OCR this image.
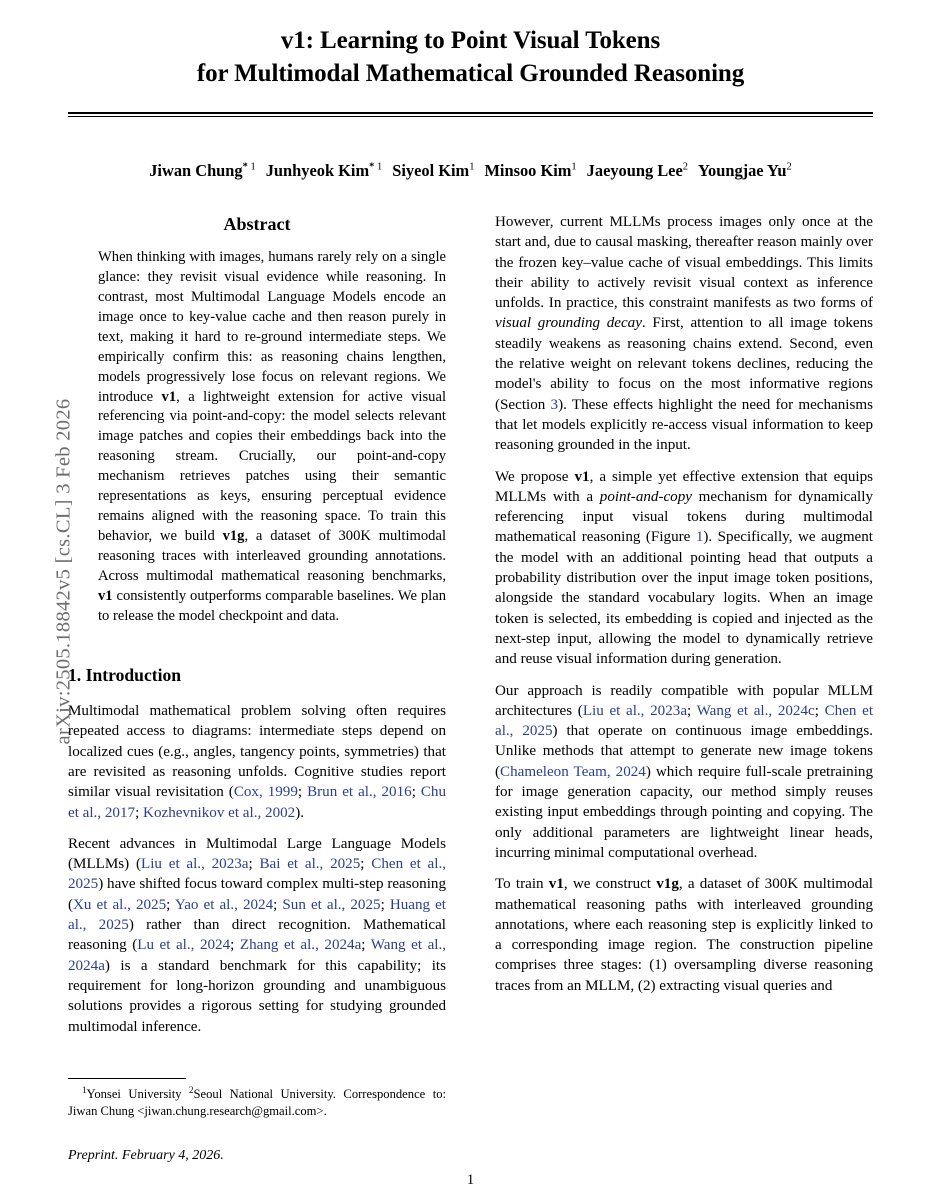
arXiv:2505.18842v5 [cs.CL] 3 Feb 2026
v1: Learning to Point Visual Tokens
for Multimodal Mathematical Grounded Reasoning
Jiwan Chung* $^1$ Junhyeok Kim* $^1$ Siyeol Kim$^1$ Minsoo Kim$^1$ Jaeyoung Lee$^2$ Youngjae Yu$^2$
Abstract

When thinking with images, humans rarely rely on a single glance: they revisit visual evidence while reasoning. In contrast, most Multimodal Language Models encode an image once to key-value cache and then reason purely in text, making it hard to re-ground intermediate steps. We empirically confirm this: as reasoning chains lengthen, models progressively lose focus on relevant regions. We introduce v1, a lightweight extension for active visual referencing via point-and-copy: the model selects relevant image patches and copies their embeddings back into the reasoning stream. Crucially, our point-and-copy mechanism retrieves patches using their semantic representations as keys, ensuring perceptual evidence remains aligned with the reasoning space. To train this behavior, we build v1g, a dataset of 300K multimodal reasoning traces with interleaved grounding annotations. Across multimodal mathematical reasoning benchmarks, v1 consistently outperforms comparable baselines. We plan to release the model checkpoint and data.

1. Introduction

Multimodal mathematical problem solving often requires repeated access to diagrams: intermediate steps depend on localized cues (e.g., angles, tangency points, symmetries) that are revisited as reasoning unfolds. Cognitive studies report similar visual revisitation (Cox, 1999; Brun et al., 2016; Chu et al., 2017; Kozhevnikov et al., 2002).

Recent advances in Multimodal Large Language Models (MLLMs) (Liu et al., 2023a; Bai et al., 2025; Chen et al., 2025) have shifted focus toward complex multi-step reasoning (Xu et al., 2025; Yao et al., 2024; Sun et al., 2025; Huang et al., 2025) rather than direct recognition. Mathematical reasoning (Lu et al., 2024; Zhang et al., 2024a; Wang et al., 2024a) is a standard benchmark for this capability; its requirement for long-horizon grounding and unambiguous solutions provides a rigorous setting for studying grounded multimodal inference.

However, current MLLMs process images only once at the start and, due to causal masking, thereafter reason mainly over the frozen key–value cache of visual embeddings. This limits their ability to actively revisit visual context as inference unfolds. In practice, this constraint manifests as two forms of visual grounding decay. First, attention to all image tokens steadily weakens as reasoning chains extend. Second, even the relative weight on relevant tokens declines, reducing the model's ability to focus on the most informative regions (Section 3). These effects highlight the need for mechanisms that let models explicitly re-access visual information to keep reasoning grounded in the input.

We propose v1, a simple yet effective extension that equips MLLMs with a point-and-copy mechanism for dynamically referencing input visual tokens during multimodal mathematical reasoning (Figure 1). Specifically, we augment the model with an additional pointing head that outputs a probability distribution over the input image token positions, alongside the standard vocabulary logits. When an image token is selected, its embedding is copied and injected as the next-step input, allowing the model to dynamically retrieve and reuse visual information during generation.

Our approach is readily compatible with popular MLLM architectures (Liu et al., 2023a; Wang et al., 2024c; Chen et al., 2025) that operate on continuous image embeddings. Unlike methods that attempt to generate new image tokens (Chameleon Team, 2024) which require full-scale pretraining for image generation capacity, our method simply reuses existing input embeddings through pointing and copying. The only additional parameters are lightweight linear heads, incurring minimal computational overhead.

To train v1, we construct v1g, a dataset of 300K multimodal mathematical reasoning paths with interleaved grounding annotations, where each reasoning step is explicitly linked to a corresponding image region. The construction pipeline comprises three stages: (1) oversampling diverse reasoning traces from an MLLM, (2) extracting visual queries and

$^1$Yonsei University $^2$Seoul National University. Correspondence to: Jiwan Chung <jiwan.chung.research@gmail.com>.

Preprint. February 4, 2026.
1
